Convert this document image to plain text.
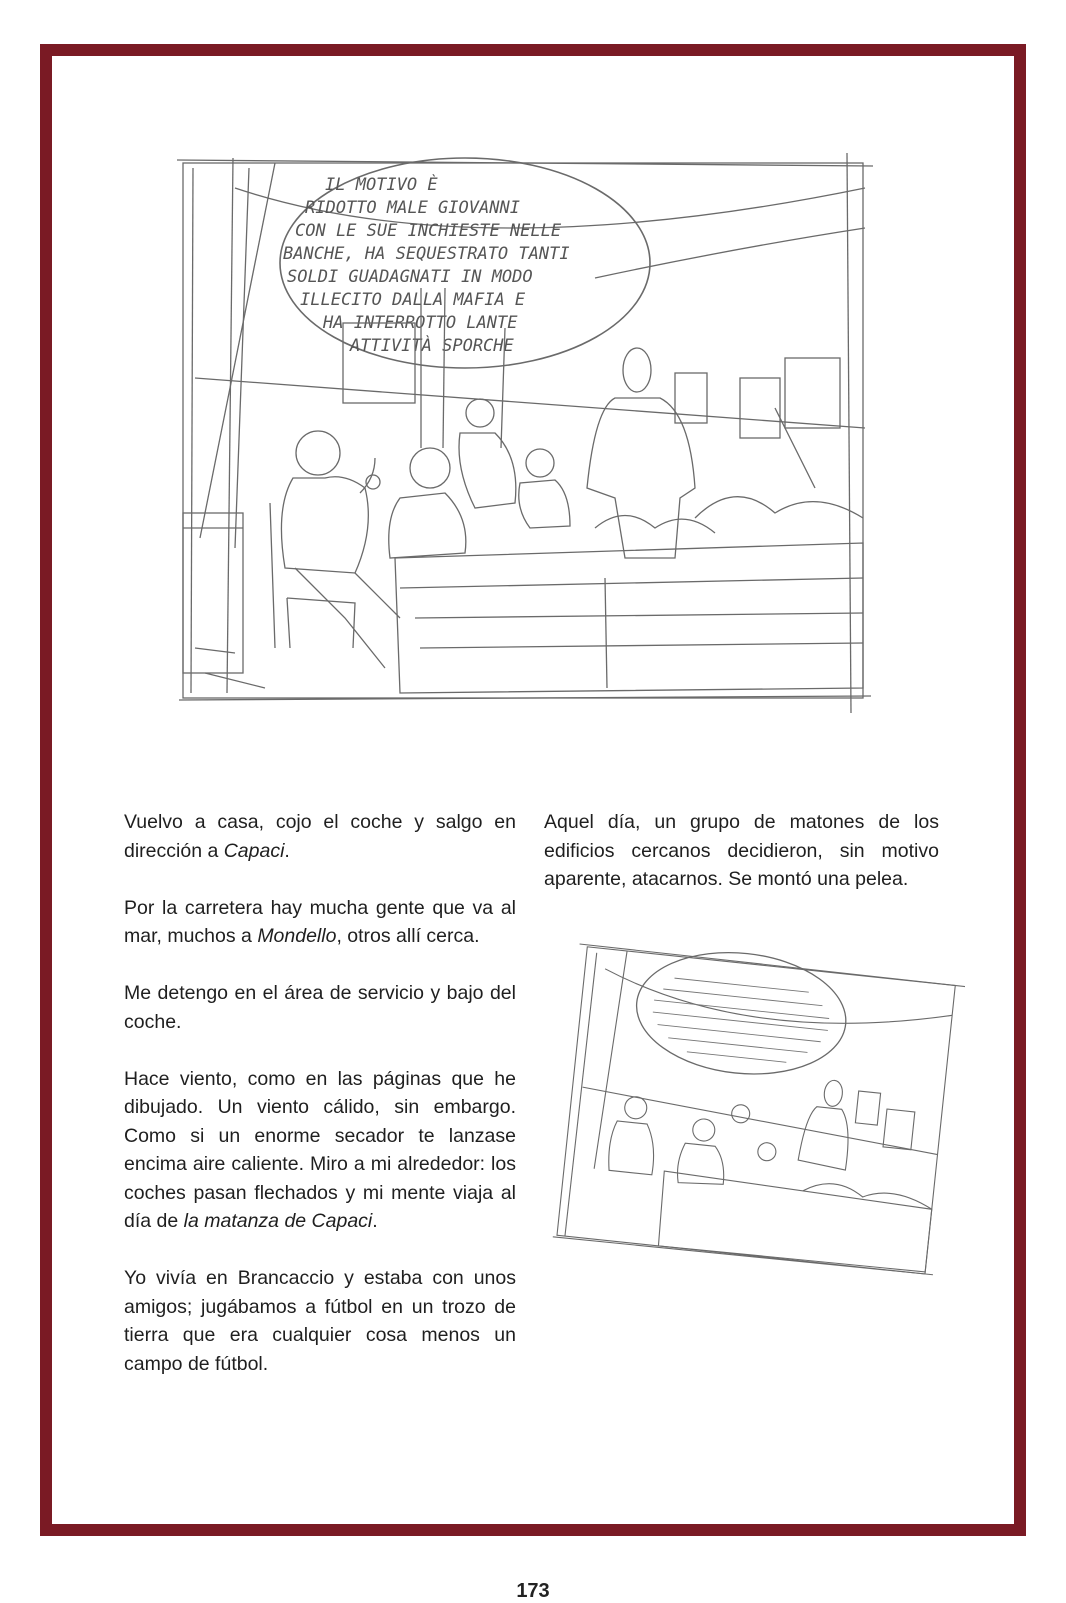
IL MOTIVO È
RIDOTTO MALE GIOVANNI
CON LE SUE INCHIESTE NELLE
BANCHE, HA SEQUESTRATO TANTI
SOLDI GUADAGNATI IN MODO
ILLECITO DALLA MAFIA E
HA INTERROTTO LANTE
ATTIVITÀ SPORCHE

Vuelvo a casa, cojo el coche y salgo en dirección a Capaci.

Por la carretera hay mucha gente que va al mar, muchos a Mondello, otros allí cerca.

Me detengo en el área de servicio y bajo del coche.

Hace viento, como en las páginas que he dibujado. Un viento cálido, sin embargo. Como si un enorme secador te lanzase encima aire caliente. Miro a mi alrededor: los coches pasan flechados y mi mente viaja al día de la matanza de Capaci.

Yo vivía en Brancaccio y estaba con unos amigos; jugábamos a fútbol en un trozo de tierra que era cualquier cosa menos un campo de fútbol.

Aquel día, un grupo de matones de los edificios cercanos decidieron, sin motivo aparente, atacarnos. Se montó una pelea.

173
